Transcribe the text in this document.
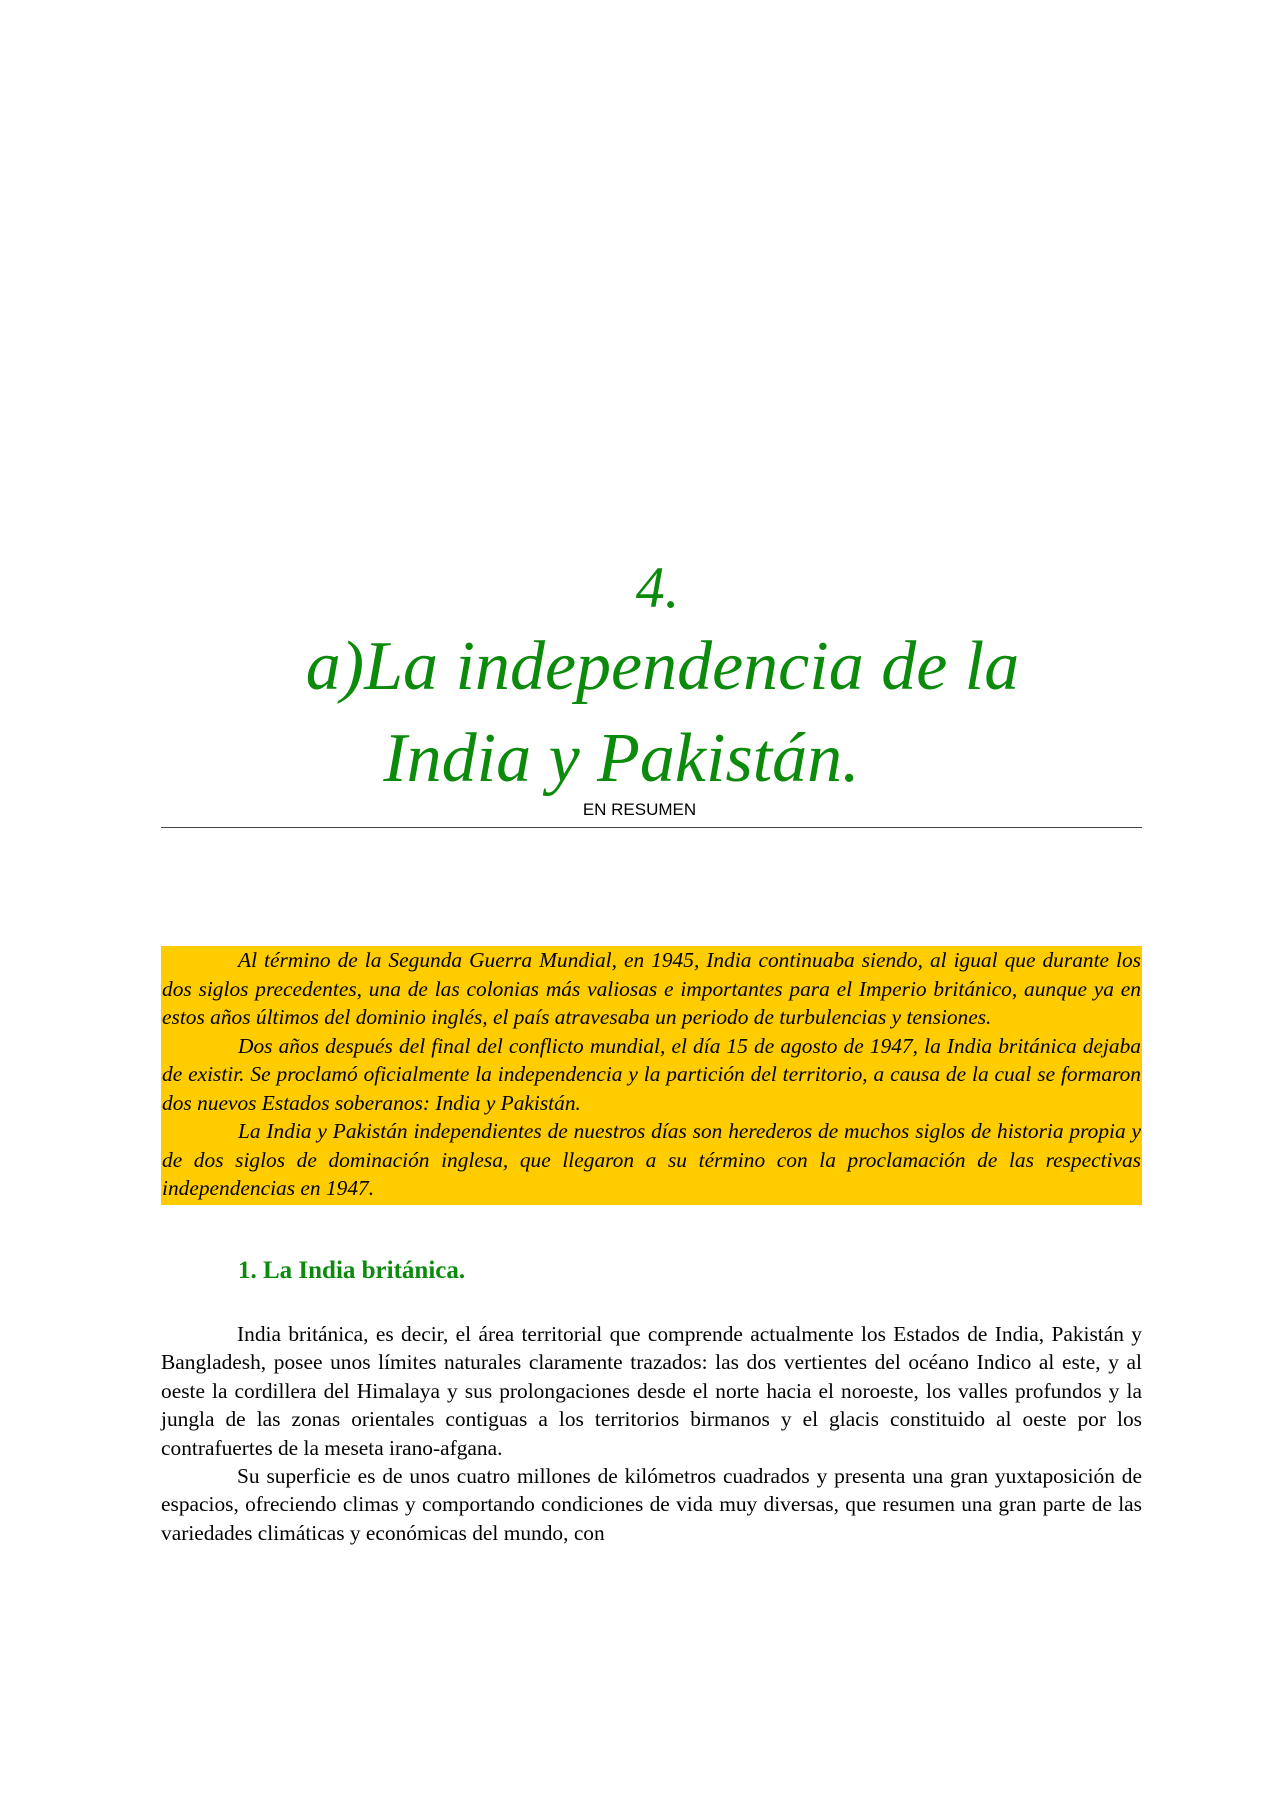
4.
a)La independencia de la
India y Pakistán.
EN RESUMEN

Al término de la Segunda Guerra Mundial, en 1945, India continuaba siendo, al igual que durante los dos siglos precedentes, una de las colonias más valiosas e importantes para el Imperio británico, aunque ya en estos años últimos del dominio inglés, el país atravesaba un periodo de turbulencias y tensiones.

Dos años después del final del conflicto mundial, el día 15 de agosto de 1947, la India británica dejaba de existir. Se proclamó oficialmente la independencia y la partición del territorio, a causa de la cual se formaron dos nuevos Estados soberanos: India y Pakistán.

La India y Pakistán independientes de nuestros días son herederos de muchos siglos de historia propia y de dos siglos de dominación inglesa, que llegaron a su término con la proclamación de las respectivas independencias en 1947.

1. La India británica.

India británica, es decir, el área territorial que comprende actualmente los Estados de India, Pakistán y Bangladesh, posee unos límites naturales claramente trazados: las dos vertientes del océano Indico al este, y al oeste la cordillera del Himalaya y sus prolongaciones desde el norte hacia el noroeste, los valles profundos y la jungla de las zonas orientales contiguas a los territorios birmanos y el glacis constituido al oeste por los contrafuertes de la meseta irano-afgana.

Su superficie es de unos cuatro millones de kilómetros cuadrados y presenta una gran yuxtaposición de espacios, ofreciendo climas y comportando condiciones de vida muy diversas, que resumen una gran parte de las variedades climáticas y económicas del mundo, con
